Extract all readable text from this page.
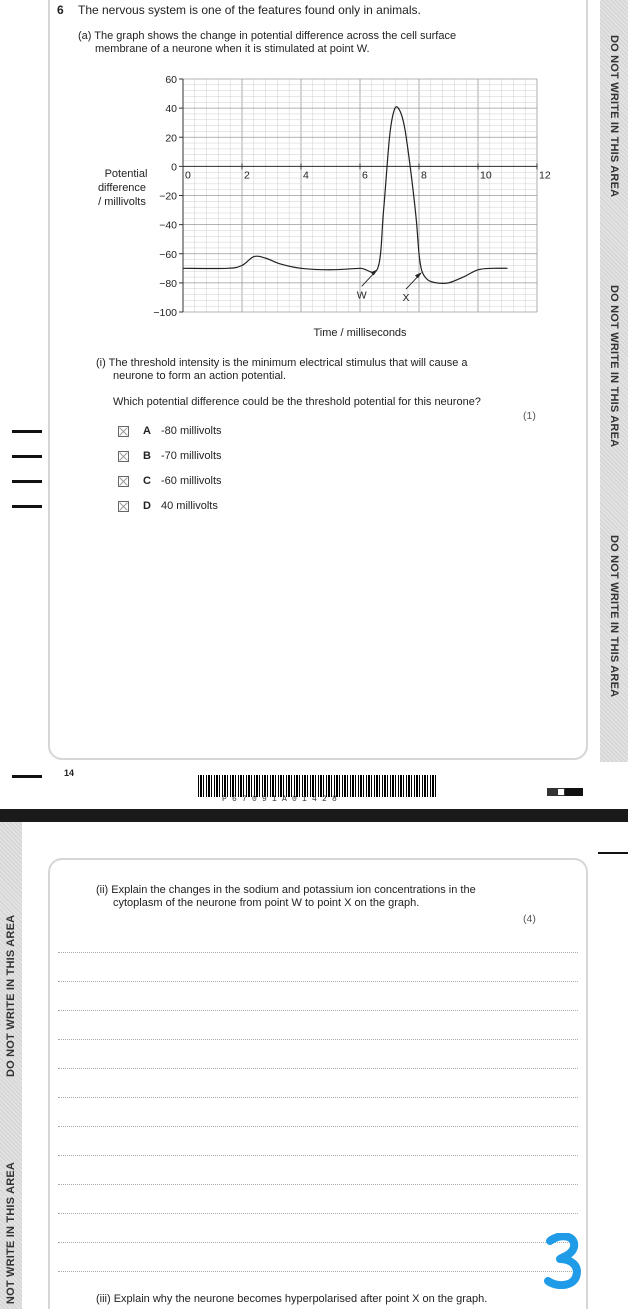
DO NOT WRITE IN THIS AREA
DO NOT WRITE IN THIS AREA
DO NOT WRITE IN THIS AREA
6 The nervous system is one of the features found only in animals.
(a) The graph shows the change in potential difference across the cell surface
membrane of a neurone when it is stimulated at point W.
60
40
20
0
−20
−40
−60
−80
−100
0	2	4	6	8	10	12
W	X
Potential
difference
/ millivolts
Time / milliseconds
(i) The threshold intensity is the minimum electrical stimulus that will cause a
neurone to form an action potential.
Which potential difference could be the threshold potential for this neurone?
(1)
A -80 millivolts
B -70 millivolts
C -60 millivolts
D 40 millivolts
14
P67091A01428
DO NOT WRITE IN THIS AREA
NOT WRITE IN THIS AREA
(ii) Explain the changes in the sodium and potassium ion concentrations in the
cytoplasm of the neurone from point W to point X on the graph.
(4)
(iii) Explain why the neurone becomes hyperpolarised after point X on the graph.
